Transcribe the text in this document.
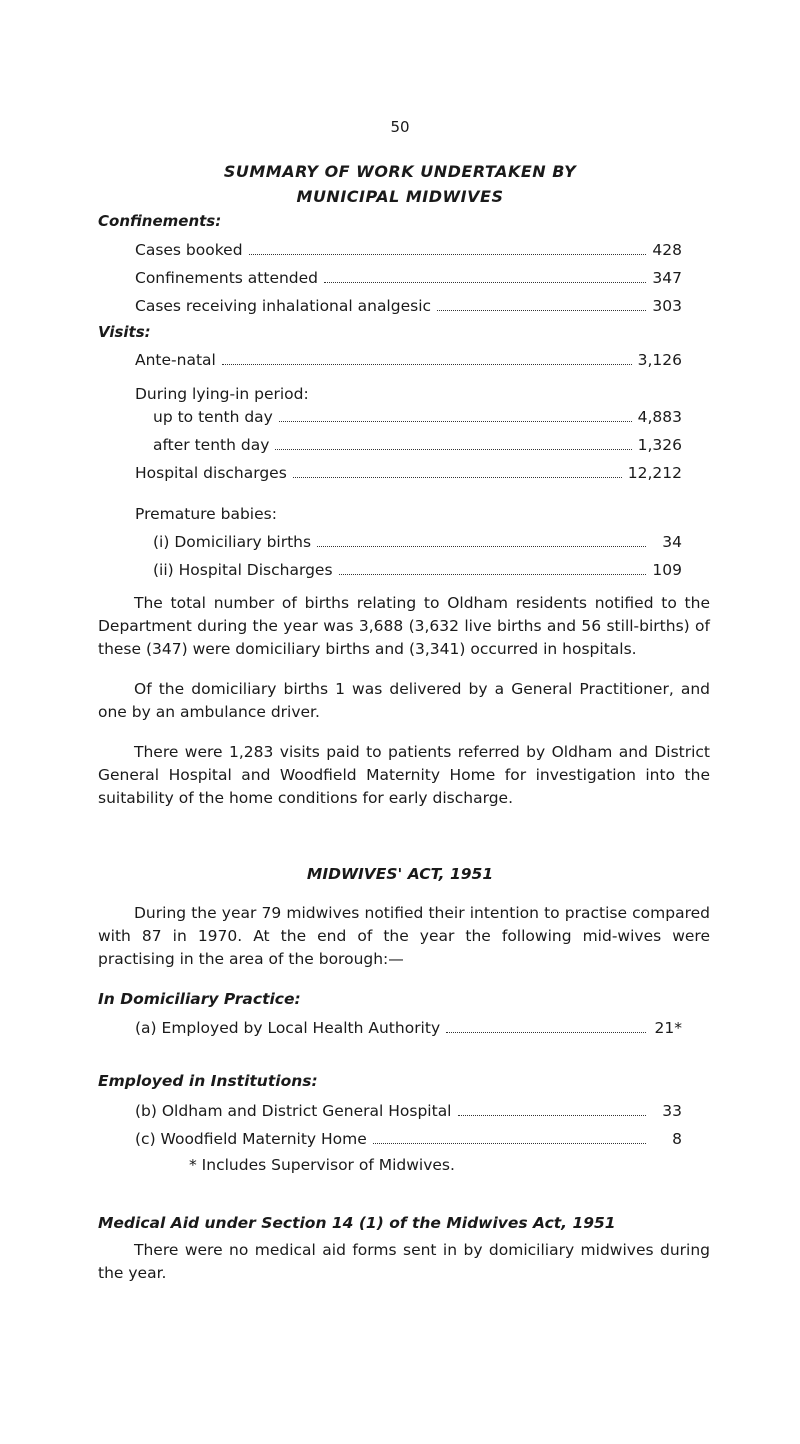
50
SUMMARY OF WORK UNDERTAKEN BY
MUNICIPAL MIDWIVES
Confinements:
Cases booked	428
Confinements attended	347
Cases receiving inhalational analgesic	303
Visits:
Ante-natal	3,126
During lying-in period:
up to tenth day	4,883
after tenth day	1,326
Hospital discharges	12,212
Premature babies:
(i) Domiciliary births	34
(ii) Hospital Discharges	109
The total number of births relating to Oldham residents notified to the Department during the year was 3,688 (3,632 live births and 56 still-births) of these (347) were domiciliary births and (3,341) occurred in hospitals.
Of the domiciliary births 1 was delivered by a General Practitioner, and one by an ambulance driver.
There were 1,283 visits paid to patients referred by Oldham and District General Hospital and Woodfield Maternity Home for investigation into the suitability of the home conditions for early discharge.
MIDWIVES' ACT, 1951
During the year 79 midwives notified their intention to practise compared with 87 in 1970. At the end of the year the following mid-wives were practising in the area of the borough:—
In Domiciliary Practice:
(a) Employed by Local Health Authority	21*
Employed in Institutions:
(b) Oldham and District General Hospital	33
(c) Woodfield Maternity Home	8
* Includes Supervisor of Midwives.
Medical Aid under Section 14 (1) of the Midwives Act, 1951
There were no medical aid forms sent in by domiciliary midwives during the year.
